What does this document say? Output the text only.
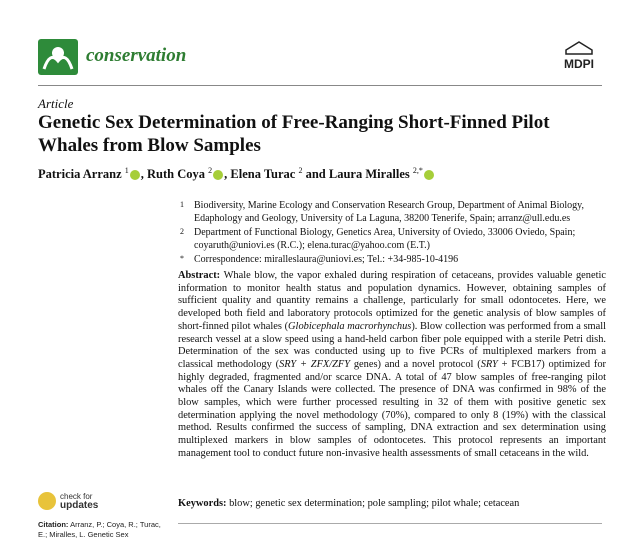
conservation	MDPI
Article
Genetic Sex Determination of Free-Ranging Short-Finned Pilot Whales from Blow Samples
Patricia Arranz $^1$ , Ruth Coya $^2$ , Elena Turac $^2$ and Laura Miralles $^{2,*}$
1 Biodiversity, Marine Ecology and Conservation Research Group, Department of Animal Biology, Edaphology and Geology, University of La Laguna, 38200 Tenerife, Spain; arranz@ull.edu.es
2 Department of Functional Biology, Genetics Area, University of Oviedo, 33006 Oviedo, Spain; coyaruth@uniovi.es (R.C.); elena.turac@yahoo.com (E.T.)
* Correspondence: miralleslaura@uniovi.es; Tel.: +34-985-10-4196
Abstract: Whale blow, the vapor exhaled during respiration of cetaceans, provides valuable genetic information to monitor health status and population dynamics. However, obtaining samples of sufficient quality and quantity remains a challenge, particularly for small odontocetes. Here, we developed both field and laboratory protocols optimized for the genetic analysis of blow samples of short-finned pilot whales (Globicephala macrorhynchus). Blow collection was performed from a small research vessel at a slow speed using a hand-held carbon fiber pole equipped with a sterile Petri dish. Determination of the sex was conducted using up to five PCRs of multiplexed markers from a classical methodology (SRY + ZFX/ZFY genes) and a novel protocol (SRY + FCB17) optimized for highly degraded, fragmented and/or scarce DNA. A total of 47 blow samples of free-ranging pilot whales off the Canary Islands were collected. The presence of DNA was confirmed in 98% of the blow samples, which were further processed resulting in 32 of them with positive genetic sex determination applying the novel methodology (70%), compared to only 8 (19%) with the classical method. Results confirmed the success of sampling, DNA extraction and sex determination using multiplexed markers in blow samples of odontocetes. This protocol represents an important management tool to conduct future non-invasive health assessments of small cetaceans in the wild.
Keywords: blow; genetic sex determination; pole sampling; pilot whale; cetacean
check for
updates
Citation: Arranz, P.; Coya, R.; Turac, E.; Miralles, L. Genetic Sex
